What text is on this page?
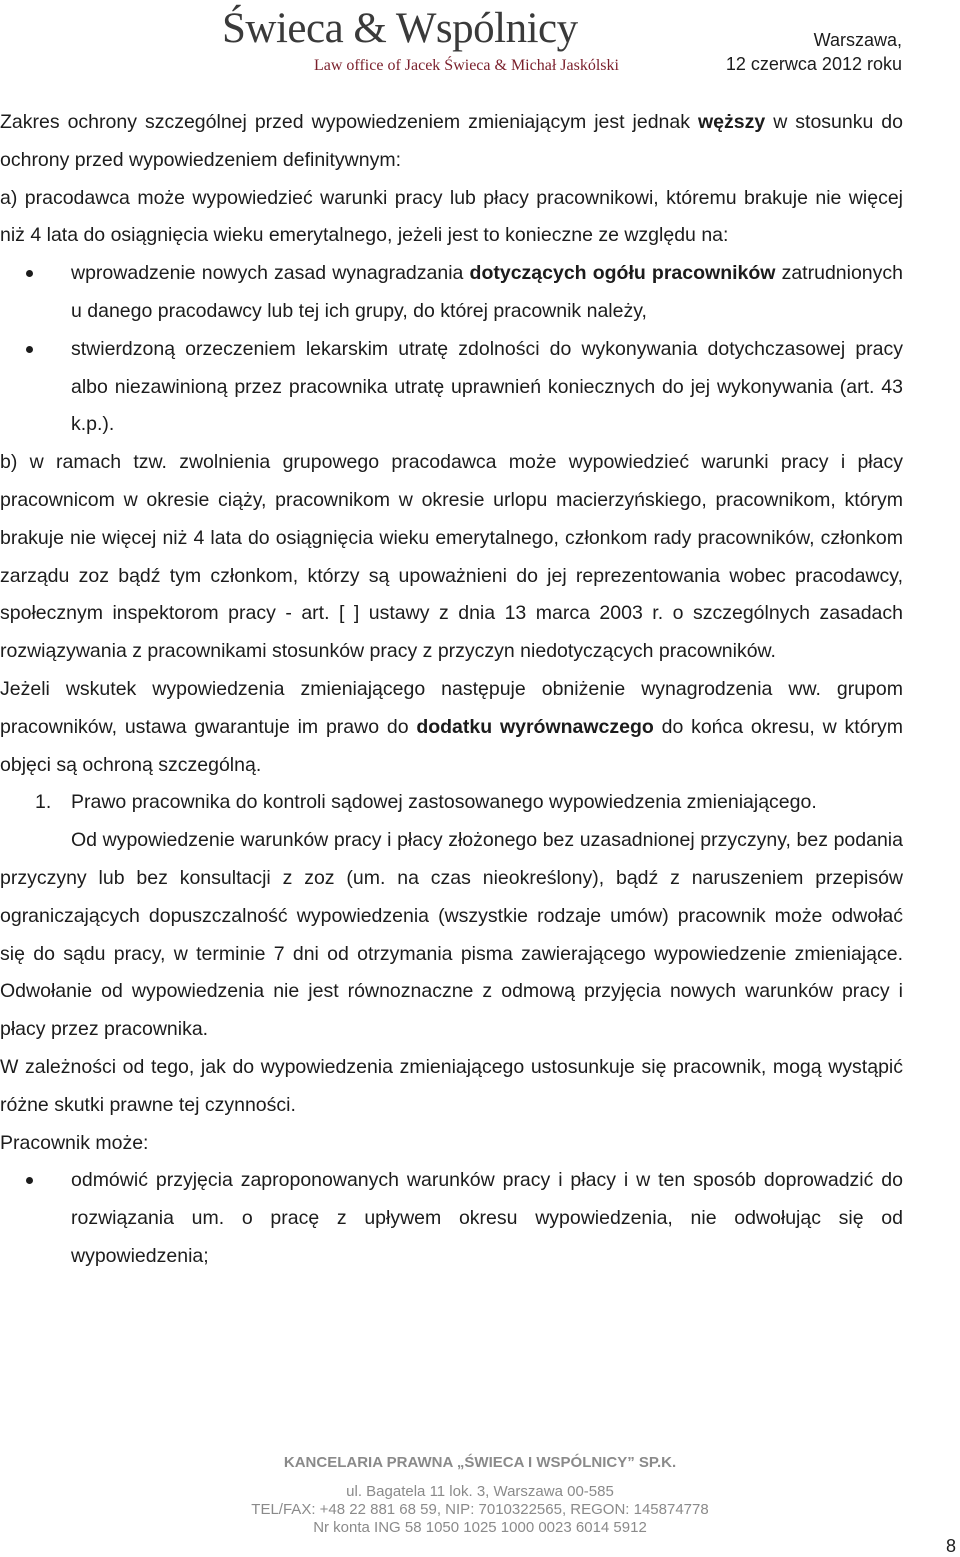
Świeca & Wspólnicy
Law office of Jacek Świeca & Michał Jaskólski
Warszawa,
12 czerwca 2012 roku

Zakres ochrony szczególnej przed wypowiedzeniem zmieniającym jest jednak węższy w stosunku do ochrony przed wypowiedzeniem definitywnym:

a) pracodawca może wypowiedzieć warunki pracy lub płacy pracownikowi, któremu brakuje nie więcej niż 4 lata do osiągnięcia wieku emerytalnego, jeżeli jest to konieczne ze względu na:

wprowadzenie nowych zasad wynagradzania dotyczących ogółu pracowników zatrudnionych u danego pracodawcy lub tej ich grupy, do której pracownik należy,
stwierdzoną orzeczeniem lekarskim utratę zdolności do wykonywania dotychczasowej pracy albo niezawinioną przez pracownika utratę uprawnień koniecznych do jej wykonywania (art. 43 k.p.).

b) w ramach tzw. zwolnienia grupowego pracodawca może wypowiedzieć warunki pracy i płacy pracownicom w okresie ciąży, pracownikom w okresie urlopu macierzyńskiego, pracownikom, którym brakuje nie więcej niż 4 lata do osiągnięcia wieku emerytalnego, członkom rady pracowników, członkom zarządu zoz bądź tym członkom, którzy są upoważnieni do jej reprezentowania wobec pracodawcy, społecznym inspektorom pracy - art. [ ] ustawy z dnia 13 marca 2003 r. o szczególnych zasadach rozwiązywania z pracownikami stosunków pracy z przyczyn niedotyczących pracowników.

Jeżeli wskutek wypowiedzenia zmieniającego następuje obniżenie wynagrodzenia ww. grupom pracowników, ustawa gwarantuje im prawo do dodatku wyrównawczego do końca okresu, w którym objęci są ochroną szczególną.

1. Prawo pracownika do kontroli sądowej zastosowanego wypowiedzenia zmieniającego.

Od wypowiedzenie warunków pracy i płacy złożonego bez uzasadnionej przyczyny, bez podania przyczyny lub bez konsultacji z zoz (um. na czas nieokreślony), bądź z naruszeniem przepisów ograniczających dopuszczalność wypowiedzenia (wszystkie rodzaje umów) pracownik może odwołać się do sądu pracy, w terminie 7 dni od otrzymania pisma zawierającego wypowiedzenie zmieniające. Odwołanie od wypowiedzenia nie jest równoznaczne z odmową przyjęcia nowych warunków pracy i płacy przez pracownika.

W zależności od tego, jak do wypowiedzenia zmieniającego ustosunkuje się pracownik, mogą wystąpić różne skutki prawne tej czynności.

Pracownik może:

odmówić przyjęcia zaproponowanych warunków pracy i płacy i w ten sposób doprowadzić do rozwiązania um. o pracę z upływem okresu wypowiedzenia, nie odwołując się od wypowiedzenia;
KANCELARIA PRAWNA „ŚWIECA I WSPÓLNICY” SP.K.
ul. Bagatela 11 lok. 3, Warszawa 00-585
TEL/FAX: +48 22 881 68 59, NIP: 7010322565, REGON: 145874778
Nr konta ING 58 1050 1025 1000 0023 6014 5912
8
